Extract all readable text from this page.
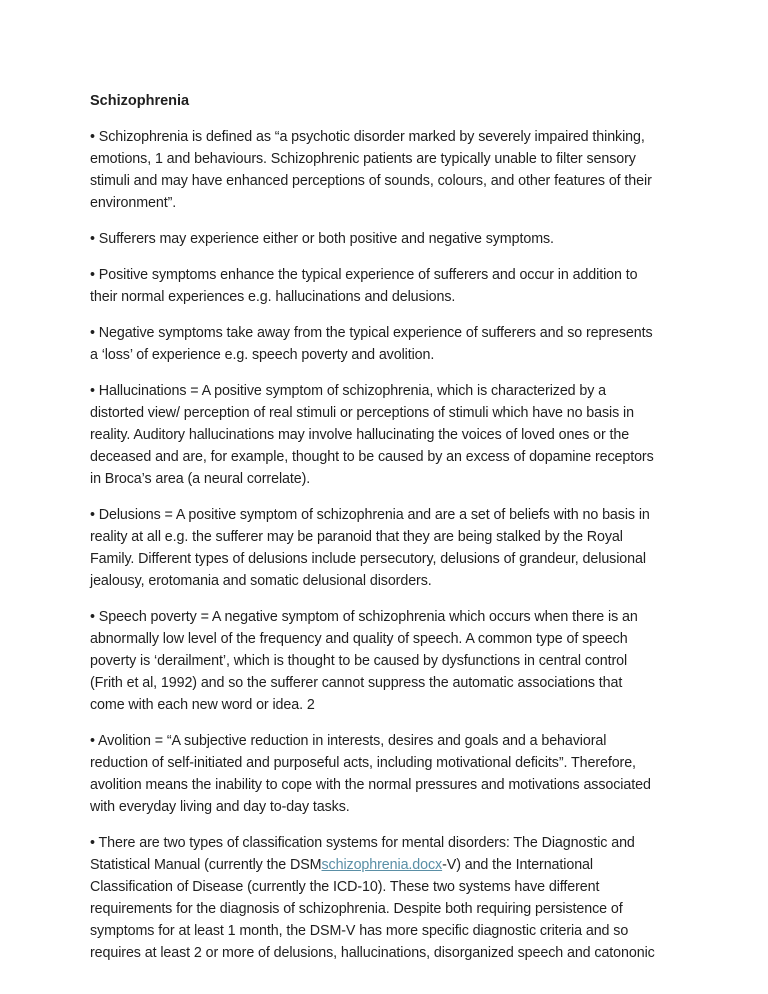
Schizophrenia

• Schizophrenia is defined as “a psychotic disorder marked by severely impaired thinking,
emotions, 1 and behaviours. Schizophrenic patients are typically unable to filter sensory
stimuli and may have enhanced perceptions of sounds, colours, and other features of their
environment”.

• Sufferers may experience either or both positive and negative symptoms.

• Positive symptoms enhance the typical experience of sufferers and occur in addition to
their normal experiences e.g. hallucinations and delusions.

• Negative symptoms take away from the typical experience of sufferers and so represents
a ‘loss’ of experience e.g. speech poverty and avolition.

• Hallucinations = A positive symptom of schizophrenia, which is characterized by a
distorted view/ perception of real stimuli or perceptions of stimuli which have no basis in
reality. Auditory hallucinations may involve hallucinating the voices of loved ones or the
deceased and are, for example, thought to be caused by an excess of dopamine receptors
in Broca’s area (a neural correlate).

• Delusions = A positive symptom of schizophrenia and are a set of beliefs with no basis in
reality at all e.g. the sufferer may be paranoid that they are being stalked by the Royal
Family. Different types of delusions include persecutory, delusions of grandeur, delusional
jealousy, erotomania and somatic delusional disorders.

• Speech poverty = A negative symptom of schizophrenia which occurs when there is an
abnormally low level of the frequency and quality of speech. A common type of speech
poverty is ‘derailment’, which is thought to be caused by dysfunctions in central control
(Frith et al, 1992) and so the sufferer cannot suppress the automatic associations that
come with each new word or idea. 2

• Avolition = “A subjective reduction in interests, desires and goals and a behavioral
reduction of self-initiated and purposeful acts, including motivational deficits”. Therefore,
avolition means the inability to cope with the normal pressures and motivations associated
with everyday living and day to-day tasks.

• There are two types of classification systems for mental disorders: The Diagnostic and
Statistical Manual (currently the DSMschizophrenia.docx-V) and the International
Classification of Disease (currently the ICD-10). These two systems have different
requirements for the diagnosis of schizophrenia. Despite both requiring persistence of
symptoms for at least 1 month, the DSM-V has more specific diagnostic criteria and so
requires at least 2 or more of delusions, hallucinations, disorganized speech and catononic
